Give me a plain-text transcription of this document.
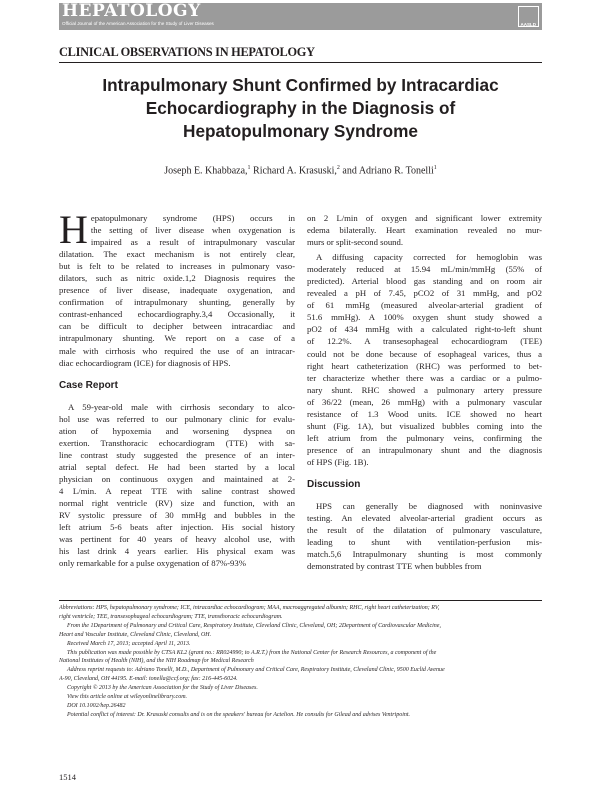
HEPATOLOGY
Official Journal of the American Association for the Study of Liver Diseases	AASLD
CLINICAL OBSERVATIONS IN HEPATOLOGY
Intrapulmonary Shunt Confirmed by Intracardiac
Echocardiography in the Diagnosis of
Hepatopulmonary Syndrome
Joseph E. Khabbaza,$^1$ Richard A. Krasuski,$^2$ and Adriano R. Tonelli$^1$
H epatopulmonary syndrome (HPS) occurs in
the setting of liver disease when oxygenation is
impaired as a result of intrapulmonary vascular
dilatation. The exact mechanism is not entirely clear,
but is felt to be related to increases in pulmonary vaso-
dilators, such as nitric oxide.1,2 Diagnosis requires the
presence of liver disease, inadequate oxygenation, and
confirmation of intrapulmonary shunting, generally by
contrast-enhanced echocardiography.3,4 Occasionally, it
can be difficult to decipher between intracardiac and
intrapulmonary shunting. We report on a case of a
male with cirrhosis who required the use of an intracar-
diac echocardiogram (ICE) for diagnosis of HPS.
Case Report
A 59-year-old male with cirrhosis secondary to alco-
hol use was referred to our pulmonary clinic for evalu-
ation of hypoxemia and worsening dyspnea on
exertion. Transthoracic echocardiogram (TTE) with sa-
line contrast study suggested the presence of an inter-
atrial septal defect. He had been started by a local
physician on continuous oxygen and maintained at 2-
4 L/min. A repeat TTE with saline contrast showed
normal right ventricle (RV) size and function, with an
RV systolic pressure of 30 mmHg and bubbles in the
left atrium 5-6 beats after injection. His social history
was pertinent for 40 years of heavy alcohol use, with
his last drink 4 years earlier. His physical exam was
only remarkable for a pulse oxygenation of 87%-93%
on 2 L/min of oxygen and significant lower extremity
edema bilaterally. Heart examination revealed no mur-
murs or split-second sound.
A diffusing capacity corrected for hemoglobin was
moderately reduced at 15.94 mL/min/mmHg (55% of
predicted). Arterial blood gas standing and on room air
revealed a pH of 7.45, pCO2 of 31 mmHg, and pO2
of 61 mmHg (measured alveolar-arterial gradient of
51.6 mmHg). A 100% oxygen shunt study showed a
pO2 of 434 mmHg with a calculated right-to-left shunt
of 12.2%. A transesophageal echocardiogram (TEE)
could not be done because of esophageal varices, thus a
right heart catheterization (RHC) was performed to bet-
ter characterize whether there was a cardiac or a pulmo-
nary shunt. RHC showed a pulmonary artery pressure
of 36/22 (mean, 26 mmHg) with a pulmonary vascular
resistance of 1.3 Wood units. ICE showed no heart
shunt (Fig. 1A), but visualized bubbles coming into the
left atrium from the pulmonary veins, confirming the
presence of an intrapulmonary shunt and the diagnosis
of HPS (Fig. 1B).
Discussion
HPS can generally be diagnosed with noninvasive
testing. An elevated alveolar-arterial gradient occurs as
the result of the dilatation of pulmonary vasculature,
leading to shunt with ventilation-perfusion mis-
match.5,6 Intrapulmonary shunting is most commonly
demonstrated by contrast TTE when bubbles from
Abbreviations: HPS, hepatopulmonary syndrome; ICE, intracardiac echocardiogram; MAA, macroaggregated albumin; RHC, right heart catheterization; RV,
right ventricle; TEE, transesophageal echocardiogram; TTE, transthoracic echocardiogram.
From the 1Department of Pulmonary and Critical Care, Respiratory Institute, Cleveland Clinic, Cleveland, OH; 2Department of Cardiovascular Medicine,
Heart and Vascular Institute, Cleveland Clinic, Cleveland, OH.
Received March 17, 2013; accepted April 11, 2013.
This publication was made possible by CTSA KL2 (grant no.: RR024990; to A.R.T.) from the National Center for Research Resources, a component of the
National Institutes of Health (NIH), and the NIH Roadmap for Medical Research
Address reprint requests to: Adriano Tonelli, M.D., Department of Pulmonary and Critical Care, Respiratory Institute, Cleveland Clinic, 9500 Euclid Avenue
A-90, Cleveland, OH 44195. E-mail: tonella@ccf.org; fax: 216-445-6024.
Copyright © 2013 by the American Association for the Study of Liver Diseases.
View this article online at wileyonlinelibrary.com.
DOI 10.1002/hep.26482
Potential conflict of interest: Dr. Krasuski consults and is on the speakers' bureau for Actelion. He consults for Gilead and advises Ventripoint.
1514
